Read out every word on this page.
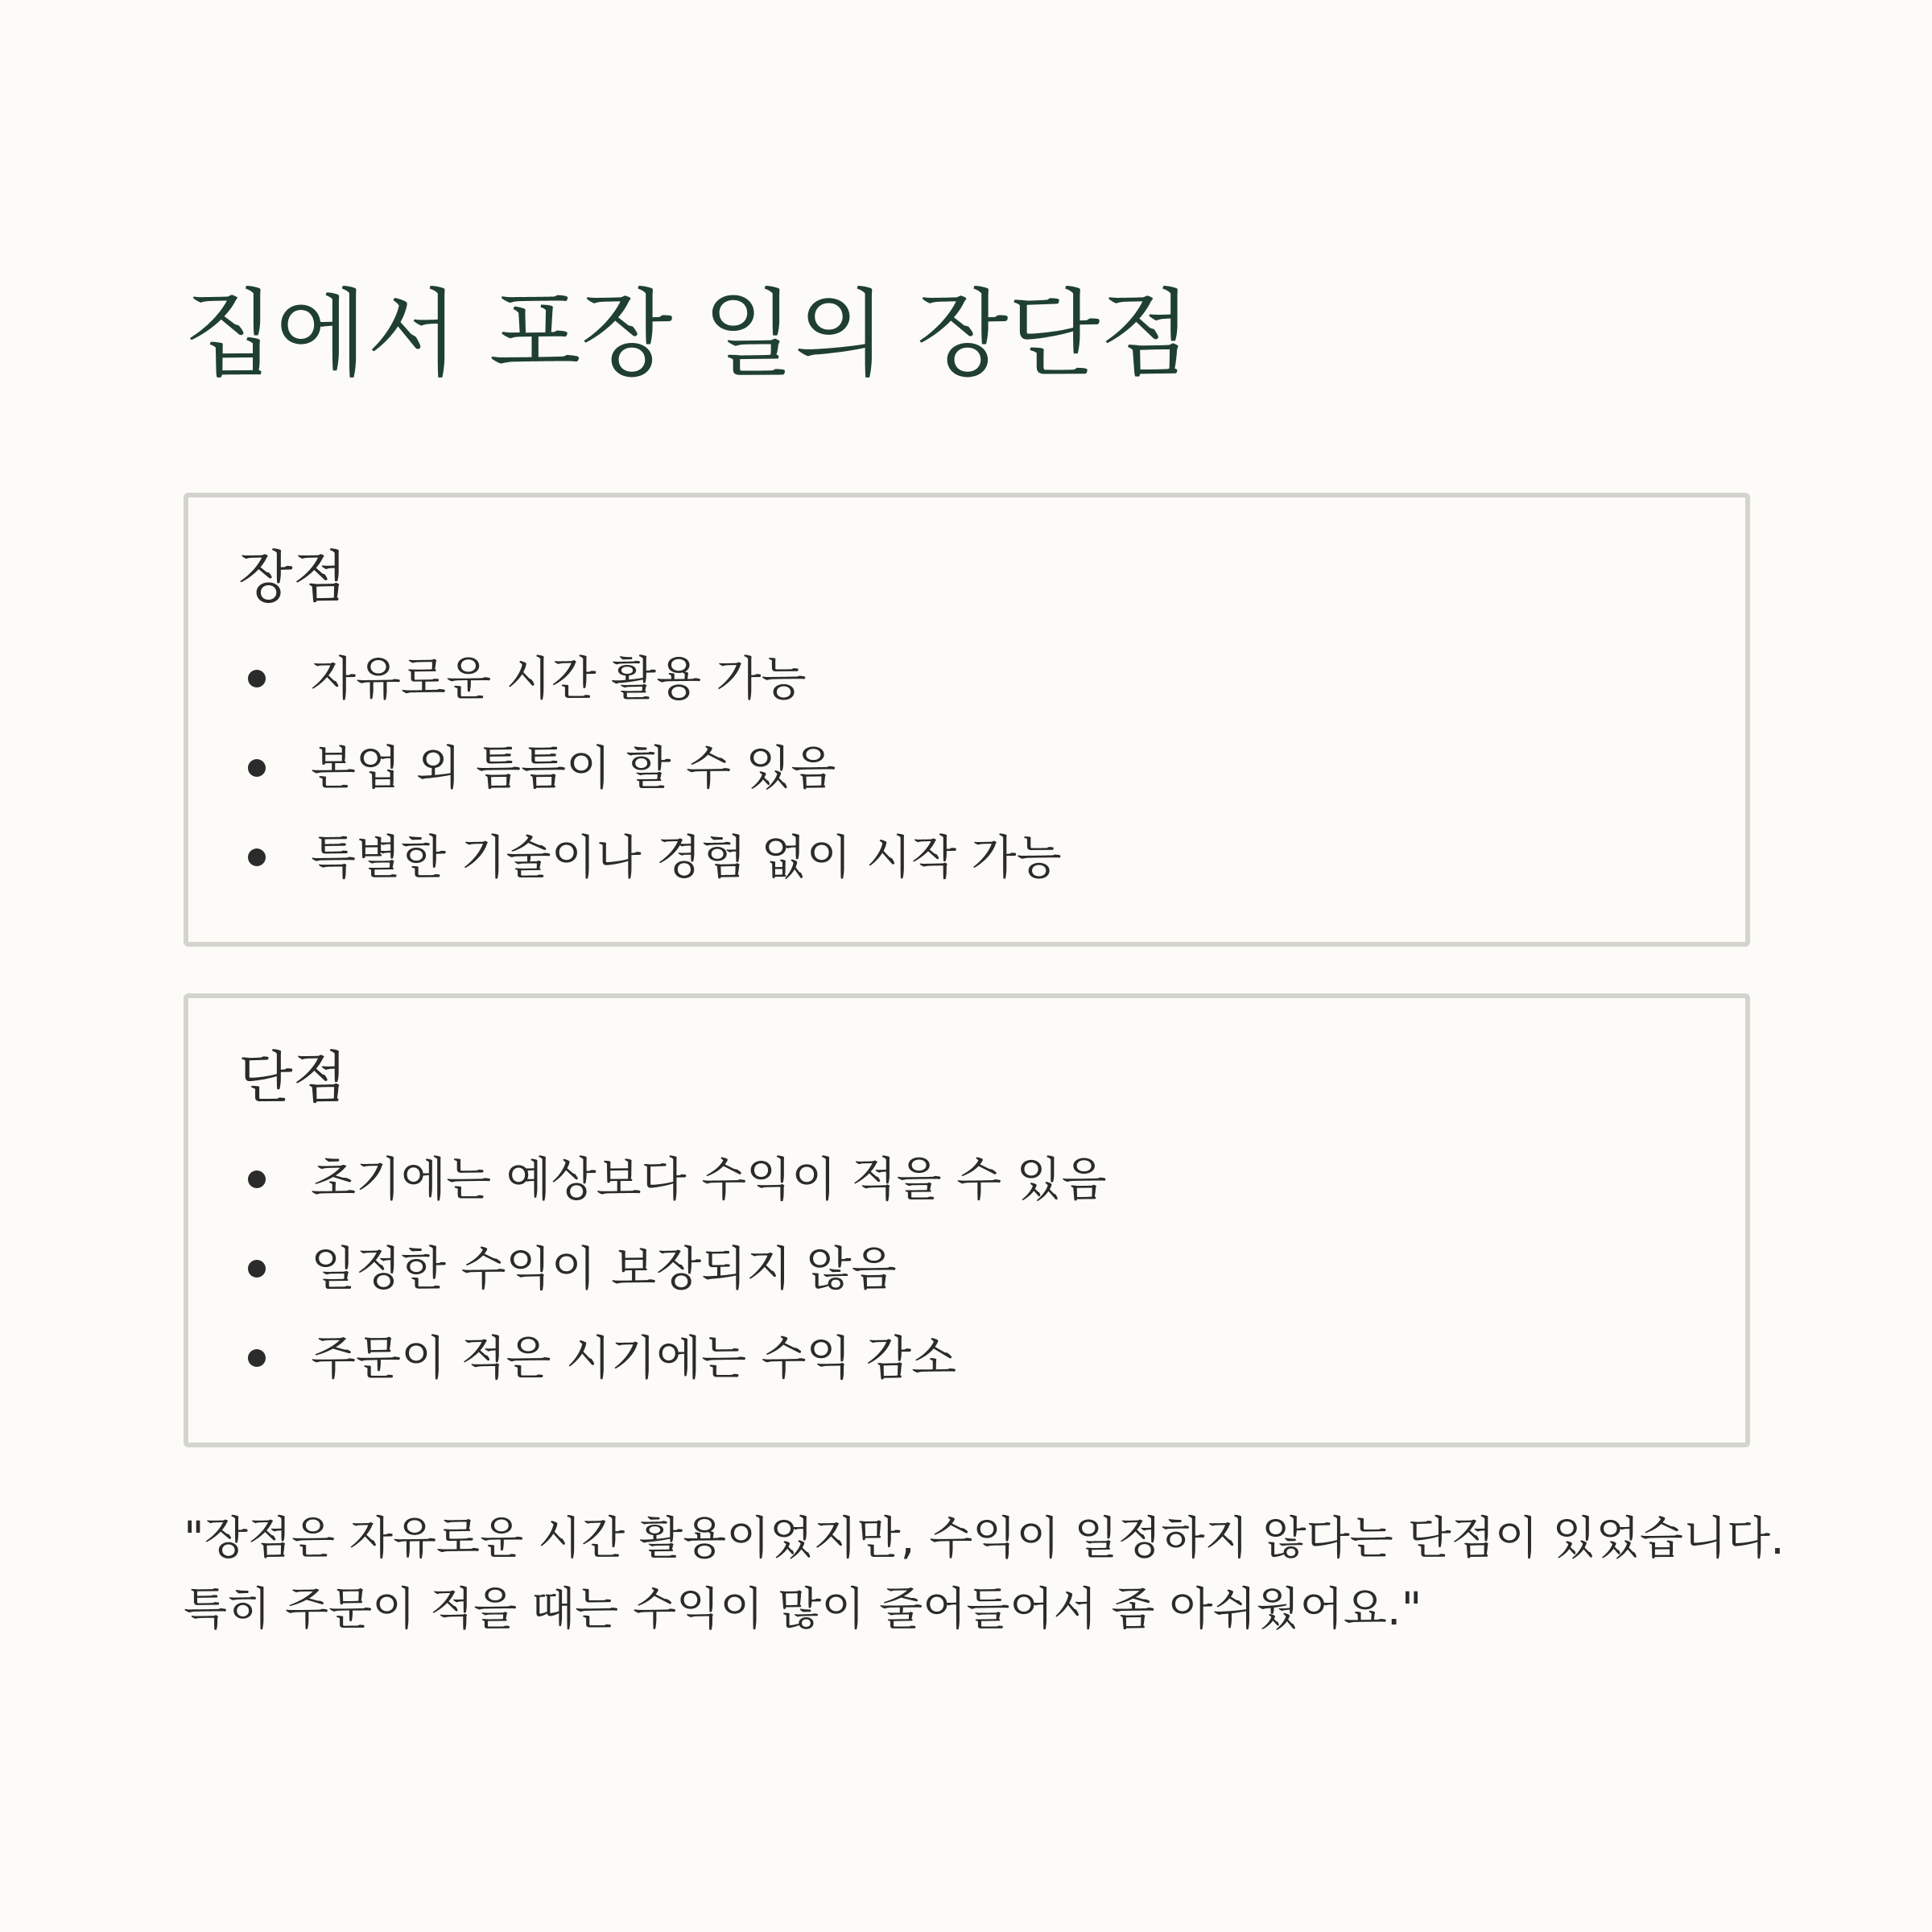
집에서 포장 일의 장단점
장점
자유로운 시간 활용 가능
본업 외 틈틈이 할 수 있음
특별한 기술이나 경험 없이 시작 가능
단점
초기에는 예상보다 수익이 적을 수 있음
일정한 수익이 보장되지 않음
주문이 적은 시기에는 수익 감소

"장점은 자유로운 시간 활용이었지만, 수익이 일정하지 않다는 단점이 있었습니다.
특히 주문이 적을 때는 수익이 많이 줄어들어서 좀 아쉬웠어요."
